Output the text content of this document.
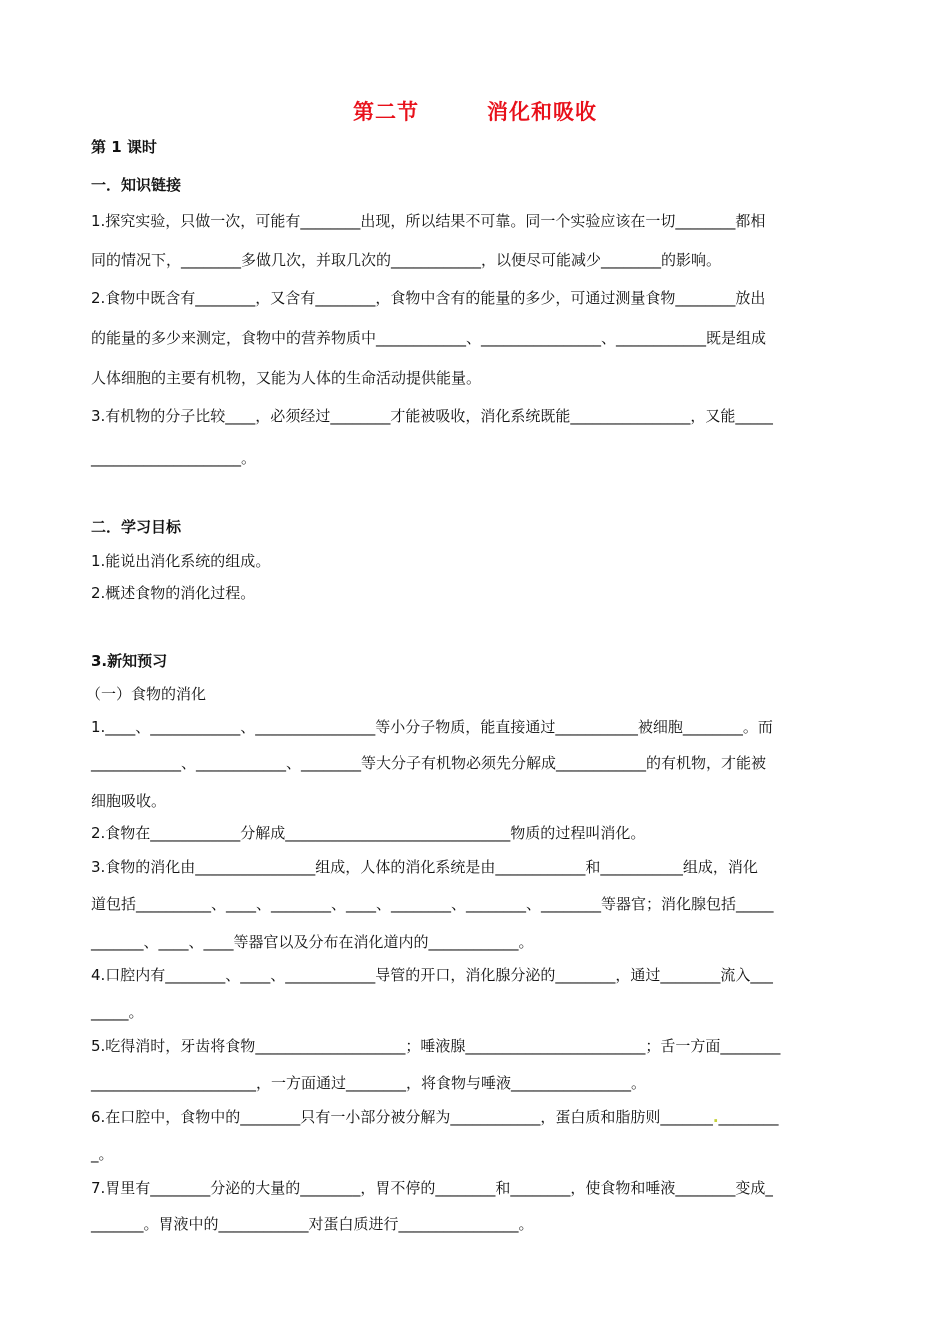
第二节	消化和吸收
第 1 课时
一．知识链接
1.探究实验，只做一次，可能有________出现，所以结果不可靠。同一个实验应该在一切________都相
同的情况下，________多做几次，并取几次的____________，以便尽可能减少________的影响。
2.食物中既含有________，又含有________，食物中含有的能量的多少，可通过测量食物________放出
的能量的多少来测定，食物中的营养物质中____________、________________、____________既是组成
人体细胞的主要有机物，又能为人体的生命活动提供能量。
3.有机物的分子比较____，必须经过________才能被吸收，消化系统既能________________，又能_____
____________________。
二．学习目标
1.能说出消化系统的组成。
2.概述食物的消化过程。
3.新知预习
（一）食物的消化
1.____、____________、________________等小分子物质，能直接通过___________被细胞________。而
____________、____________、________等大分子有机物必须先分解成____________的有机物，才能被
细胞吸收。
2.食物在____________分解成______________________________物质的过程叫消化。
3.食物的消化由________________组成，人体的消化系统是由____________和___________组成，消化
道包括__________、____、________、____、________、________、________等器官；消化腺包括_____
_______、____、____等器官以及分布在消化道内的____________。
4.口腔内有________、____、____________导管的开口，消化腺分泌的________，通过________流入___
_____。
5.吃得消时，牙齿将食物____________________；唾液腺________________________；舌一方面________
______________________，一方面通过________，将食物与唾液________________。
6.在口腔中，食物中的________只有一小部分被分解为____________，蛋白质和脂肪则_______.________
_。
7.胃里有________分泌的大量的________，胃不停的________和________，使食物和唾液________变成_
_______。胃液中的____________对蛋白质进行________________。
